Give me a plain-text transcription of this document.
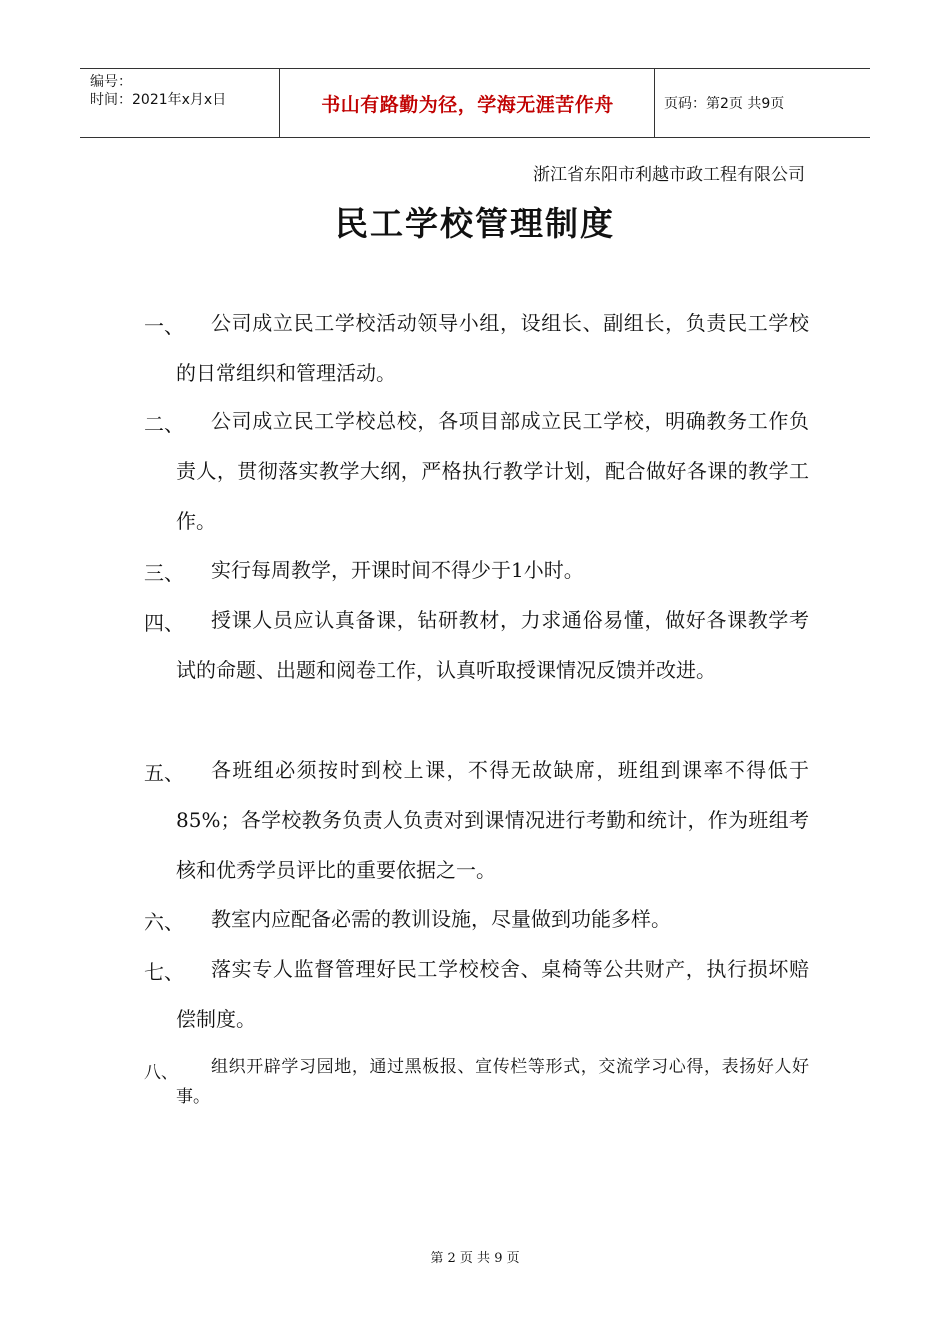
编号：
时间：2021年x月x日	书山有路勤为径，学海无涯苦作舟	页码：第2页 共9页
浙江省东阳市利越市政工程有限公司
民工学校管理制度
一、	公司成立民工学校活动领导小组，设组长、副组长，负责民工学校的日常组织和管理活动。
二、	公司成立民工学校总校，各项目部成立民工学校，明确教务工作负责人，贯彻落实教学大纲，严格执行教学计划，配合做好各课的教学工作。
三、	实行每周教学，开课时间不得少于1小时。
四、	授课人员应认真备课，钻研教材，力求通俗易懂，做好各课教学考试的命题、出题和阅卷工作，认真听取授课情况反馈并改进。
五、	各班组必须按时到校上课，不得无故缺席，班组到课率不得低于85%；各学校教务负责人负责对到课情况进行考勤和统计，作为班组考核和优秀学员评比的重要依据之一。
六、	教室内应配备必需的教训设施，尽量做到功能多样。
七、	落实专人监督管理好民工学校校舍、桌椅等公共财产，执行损坏赔偿制度。
八、	组织开辟学习园地，通过黑板报、宣传栏等形式，交流学习心得，表扬好人好事。
第 2 页 共 9 页
